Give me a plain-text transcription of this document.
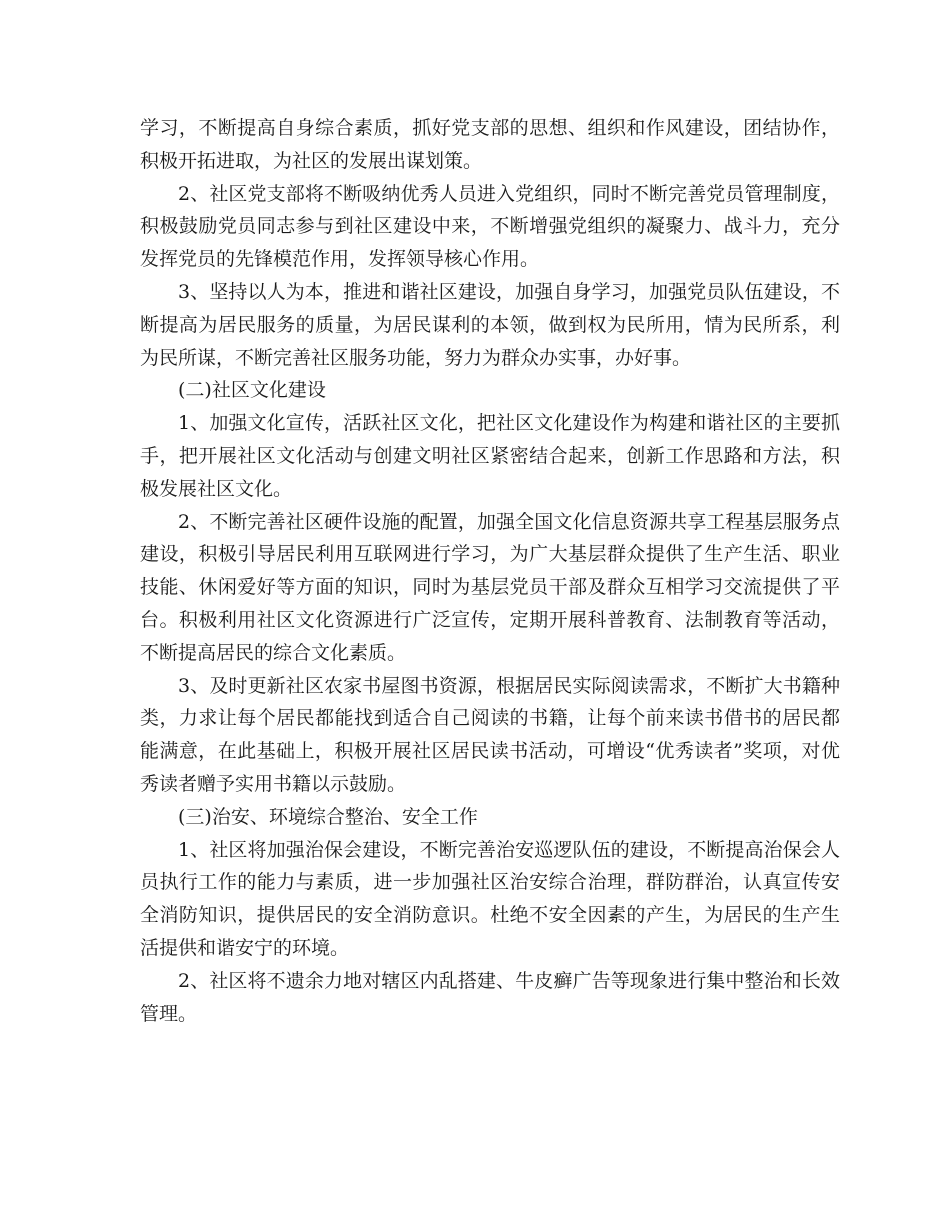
学习，不断提高自身综合素质，抓好党支部的思想、组织和作风建设，团结协作，积极开拓进取，为社区的发展出谋划策。

2、社区党支部将不断吸纳优秀人员进入党组织，同时不断完善党员管理制度，积极鼓励党员同志参与到社区建设中来，不断增强党组织的凝聚力、战斗力，充分发挥党员的先锋模范作用，发挥领导核心作用。

3、坚持以人为本，推进和谐社区建设，加强自身学习，加强党员队伍建设，不断提高为居民服务的质量，为居民谋利的本领，做到权为民所用，情为民所系，利为民所谋，不断完善社区服务功能，努力为群众办实事，办好事。

(二)社区文化建设

1、加强文化宣传，活跃社区文化，把社区文化建设作为构建和谐社区的主要抓手，把开展社区文化活动与创建文明社区紧密结合起来，创新工作思路和方法，积极发展社区文化。

2、不断完善社区硬件设施的配置，加强全国文化信息资源共享工程基层服务点建设，积极引导居民利用互联网进行学习，为广大基层群众提供了生产生活、职业技能、休闲爱好等方面的知识，同时为基层党员干部及群众互相学习交流提供了平台。积极利用社区文化资源进行广泛宣传，定期开展科普教育、法制教育等活动，不断提高居民的综合文化素质。

3、及时更新社区农家书屋图书资源，根据居民实际阅读需求，不断扩大书籍种类，力求让每个居民都能找到适合自己阅读的书籍，让每个前来读书借书的居民都能满意，在此基础上，积极开展社区居民读书活动，可增设“优秀读者”奖项，对优秀读者赠予实用书籍以示鼓励。

(三)治安、环境综合整治、安全工作

1、社区将加强治保会建设，不断完善治安巡逻队伍的建设，不断提高治保会人员执行工作的能力与素质，进一步加强社区治安综合治理，群防群治，认真宣传安全消防知识，提供居民的安全消防意识。杜绝不安全因素的产生，为居民的生产生活提供和谐安宁的环境。

2、社区将不遗余力地对辖区内乱搭建、牛皮癣广告等现象进行集中整治和长效管理。
